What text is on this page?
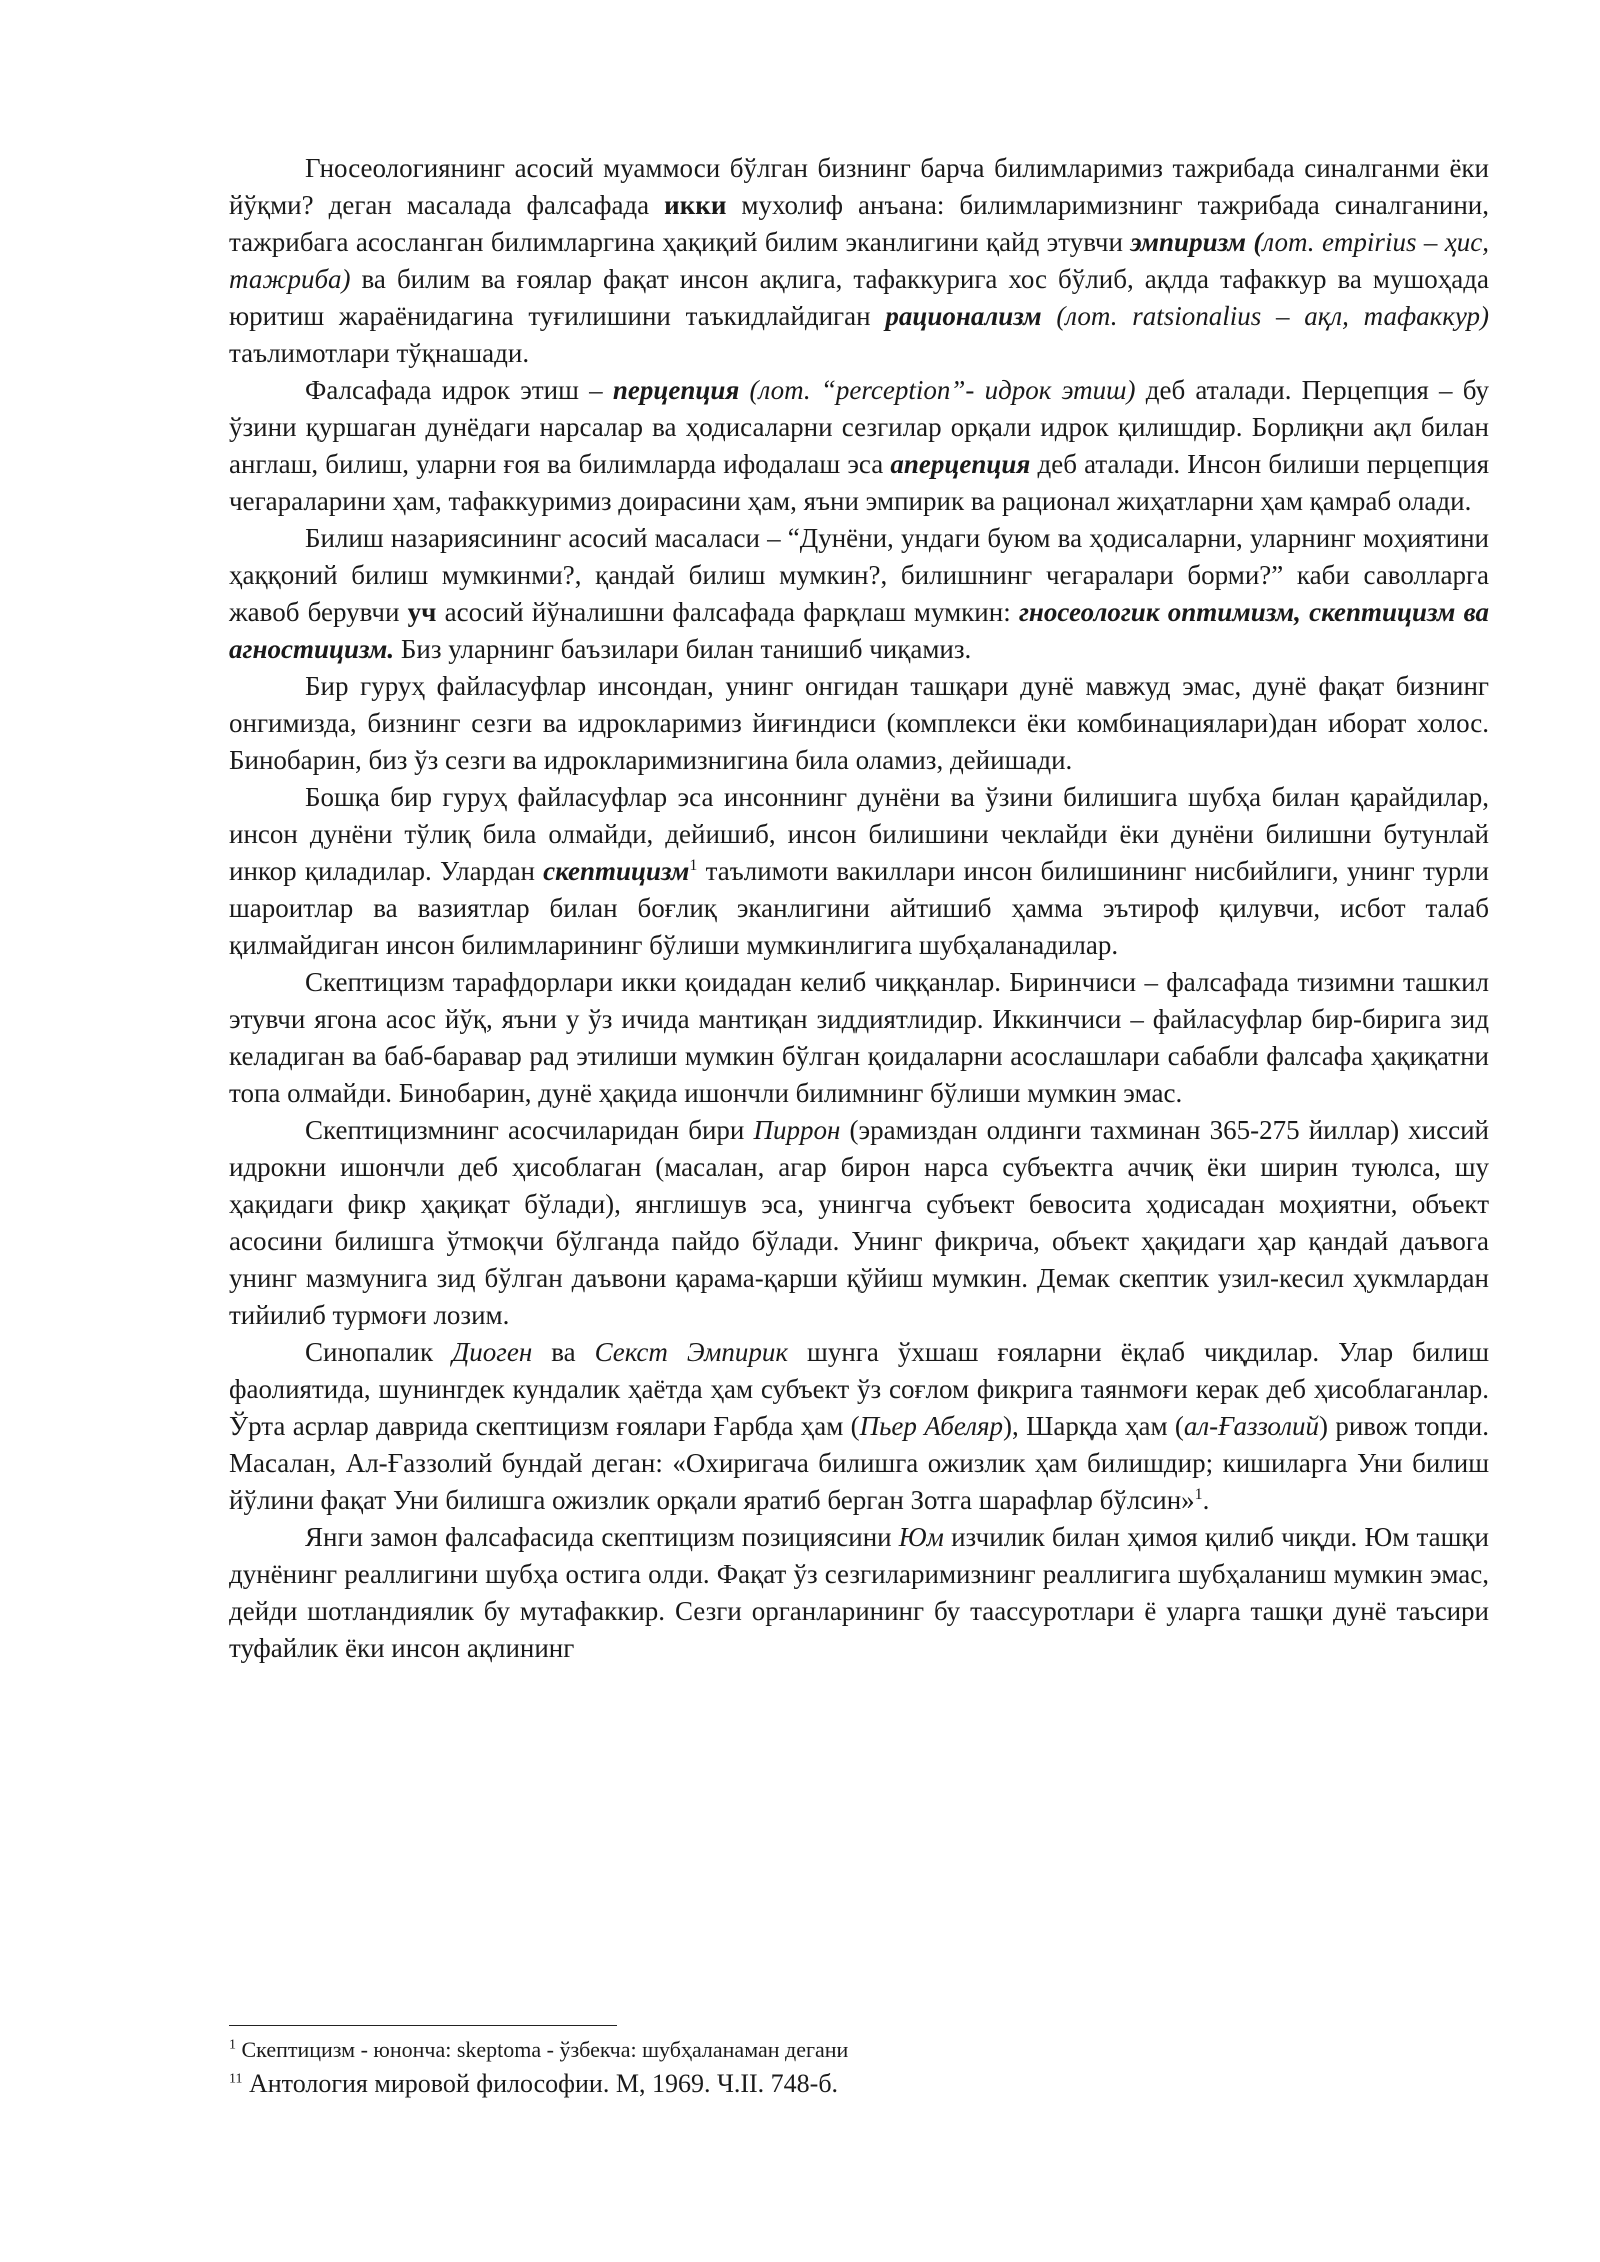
Гносеологиянинг асосий муаммоси бўлган бизнинг барча билимларимиз тажрибада синалганми ёки йўқми? деган масалада фалсафада икки мухолиф анъана: билимларимизнинг тажрибада синалганини, тажрибага асосланган билимларгина ҳақиқий билим эканлигини қайд этувчи эмпиризм (лот. empirius – ҳис, тажриба) ва билим ва ғоялар фақат инсон ақлига, тафаккурига хос бўлиб, ақлда тафаккур ва мушоҳада юритиш жараёнидагина туғилишини таъкидлайдиган рационализм (лот. ratsionalius – ақл, тафаккур) таълимотлари тўқнашади.

Фалсафада идрок этиш – перцепция (лот. “perception”- идрок этиш) деб аталади. Перцепция – бу ўзини қуршаган дунёдаги нарсалар ва ҳодисаларни сезгилар орқали идрок қилишдир. Борлиқни ақл билан англаш, билиш, уларни ғоя ва билимларда ифодалаш эса аперцепция деб аталади. Инсон билиши перцепция чегараларини ҳам, тафаккуримиз доирасини ҳам, яъни эмпирик ва рационал жиҳатларни ҳам қамраб олади.

Билиш назариясининг асосий масаласи – “Дунёни, ундаги буюм ва ҳодисаларни, уларнинг моҳиятини ҳаққоний билиш мумкинми?, қандай билиш мумкин?, билишнинг чегаралари борми?” каби саволларга жавоб берувчи уч асосий йўналишни фалсафада фарқлаш мумкин: гносеологик оптимизм, скептицизм ва агностицизм. Биз уларнинг баъзилари билан танишиб чиқамиз.

Бир гуруҳ файласуфлар инсондан, унинг онгидан ташқари дунё мавжуд эмас, дунё фақат бизнинг онгимизда, бизнинг сезги ва идрокларимиз йиғиндиси (комплекси ёки комбинациялари)дан иборат холос. Бинобарин, биз ўз сезги ва идрокларимизнигина била оламиз, дейишади.

Бошқа бир гуруҳ файласуфлар эса инсоннинг дунёни ва ўзини билишига шубҳа билан қарайдилар, инсон дунёни тўлиқ била олмайди, дейишиб, инсон билишини чеклайди ёки дунёни билишни бутунлай инкор қиладилар. Улардан скептицизм$^1$ таълимоти вакиллари инсон билишининг нисбийлиги, унинг турли шароитлар ва вазиятлар билан боғлиқ эканлигини айтишиб ҳамма эътироф қилувчи, исбот талаб қилмайдиган инсон билимларининг бўлиши мумкинлигига шубҳаланадилар.

Скептицизм тарафдорлари икки қоидадан келиб чиққанлар. Биринчиси – фалсафада тизимни ташкил этувчи ягона асос йўқ, яъни у ўз ичида мантиқан зиддиятлидир. Иккинчиси – файласуфлар бир-бирига зид келадиган ва баб-баравар рад этилиши мумкин бўлган қоидаларни асослашлари сабабли фалсафа ҳақиқатни топа олмайди. Бинобарин, дунё ҳақида ишончли билимнинг бўлиши мумкин эмас.

Скептицизмнинг асосчиларидан бири Пиррон (эрамиздан олдинги тахминан 365-275 йиллар) хиссий идрокни ишончли деб ҳисоблаган (масалан, агар бирон нарса субъектга аччиқ ёки ширин туюлса, шу ҳақидаги фикр ҳақиқат бўлади), янглишув эса, унингча субъект бевосита ҳодисадан моҳиятни, объект асосини билишга ўтмоқчи бўлганда пайдо бўлади. Унинг фикрича, объект ҳақидаги ҳар қандай даъвога унинг мазмунига зид бўлган даъвони қарама-қарши қўйиш мумкин. Демак скептик узил-кесил ҳукмлардан тийилиб турмоғи лозим.

Синопалик Диоген ва Секст Эмпирик шунга ўхшаш ғояларни ёқлаб чиқдилар. Улар билиш фаолиятида, шунингдек кундалик ҳаётда ҳам субъект ўз соғлом фикрига таянмоғи керак деб ҳисоблаганлар. Ўрта асрлар даврида скептицизм ғоялари Ғарбда ҳам (Пьер Абеляр), Шарқда ҳам (ал-Ғаззолий) ривож топди. Масалан, Ал-Ғаззолий бундай деган: «Охиригача билишга ожизлик ҳам билишдир; кишиларга Уни билиш йўлини фақат Уни билишга ожизлик орқали яратиб берган Зотга шарафлар бўлсин»$^1$.

Янги замон фалсафасида скептицизм позициясини Юм изчилик билан ҳимоя қилиб чиқди. Юм ташқи дунёнинг реаллигини шубҳа остига олди. Фақат ўз сезгиларимизнинг реаллигига шубҳаланиш мумкин эмас, дейди шотландиялик бу мутафаккир. Сезги органларининг бу таассуротлари ё уларга ташқи дунё таъсири туфайлик ёки инсон ақлининг

$^1$ Скептицизм - юнонча: skeptoma - ўзбекча: шубҳаланаман дегани
$^{11}$ Антология мировой философии. М, 1969. Ч.II. 748-б.
